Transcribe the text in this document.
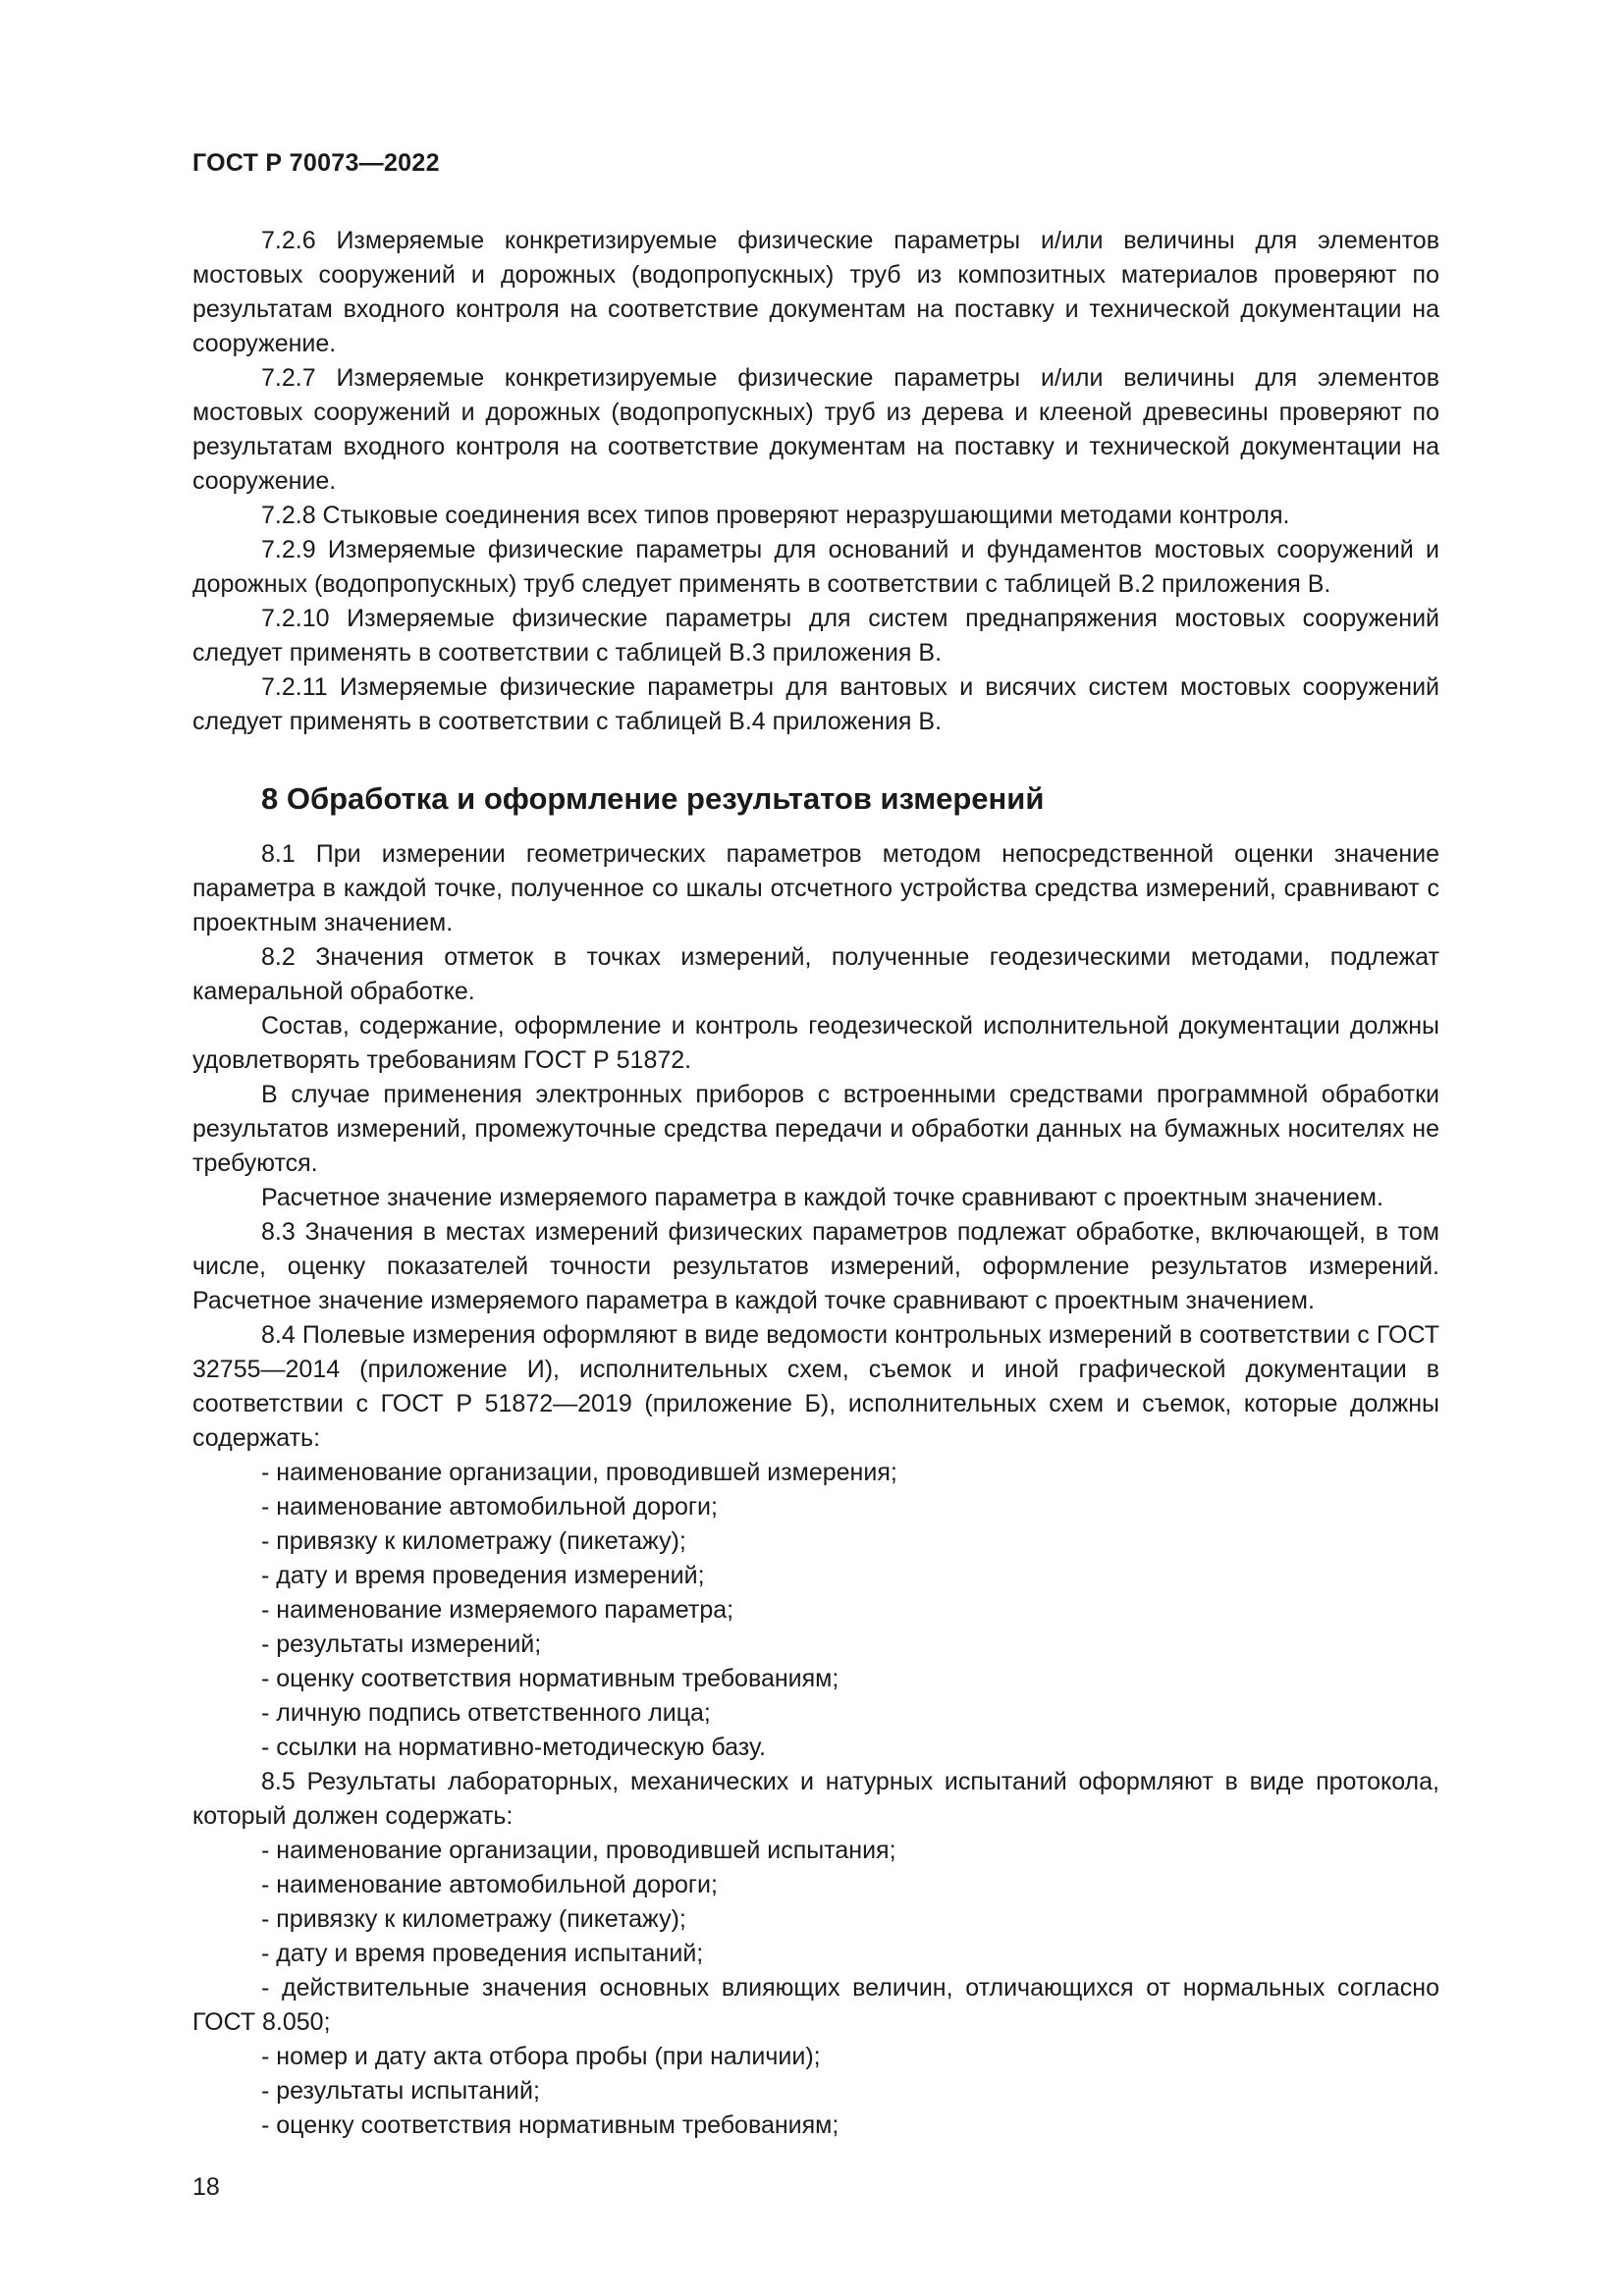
ГОСТ Р 70073—2022

7.2.6 Измеряемые конкретизируемые физические параметры и/или величины для элементов мостовых сооружений и дорожных (водопропускных) труб из композитных материалов проверяют по результатам входного контроля на соответствие документам на поставку и технической документации на сооружение.

7.2.7 Измеряемые конкретизируемые физические параметры и/или величины для элементов мостовых сооружений и дорожных (водопропускных) труб из дерева и клееной древесины проверяют по результатам входного контроля на соответствие документам на поставку и технической документации на сооружение.

7.2.8 Стыковые соединения всех типов проверяют неразрушающими методами контроля.

7.2.9 Измеряемые физические параметры для оснований и фундаментов мостовых сооружений и дорожных (водопропускных) труб следует применять в соответствии с таблицей В.2 приложения В.

7.2.10 Измеряемые физические параметры для систем преднапряжения мостовых сооружений следует применять в соответствии с таблицей В.3 приложения В.

7.2.11 Измеряемые физические параметры для вантовых и висячих систем мостовых сооружений следует применять в соответствии с таблицей В.4 приложения В.

8 Обработка и оформление результатов измерений

8.1 При измерении геометрических параметров методом непосредственной оценки значение параметра в каждой точке, полученное со шкалы отсчетного устройства средства измерений, сравнивают с проектным значением.

8.2 Значения отметок в точках измерений, полученные геодезическими методами, подлежат камеральной обработке.

Состав, содержание, оформление и контроль геодезической исполнительной документации должны удовлетворять требованиям ГОСТ Р 51872.

В случае применения электронных приборов с встроенными средствами программной обработки результатов измерений, промежуточные средства передачи и обработки данных на бумажных носителях не требуются.

Расчетное значение измеряемого параметра в каждой точке сравнивают с проектным значением.

8.3 Значения в местах измерений физических параметров подлежат обработке, включающей, в том числе, оценку показателей точности результатов измерений, оформление результатов измерений. Расчетное значение измеряемого параметра в каждой точке сравнивают с проектным значением.

8.4 Полевые измерения оформляют в виде ведомости контрольных измерений в соответствии с ГОСТ 32755—2014 (приложение И), исполнительных схем, съемок и иной графической документации в соответствии с ГОСТ Р 51872—2019 (приложение Б), исполнительных схем и съемок, которые должны содержать:

- наименование организации, проводившей измерения;

- наименование автомобильной дороги;

- привязку к километражу (пикетажу);

- дату и время проведения измерений;

- наименование измеряемого параметра;

- результаты измерений;

- оценку соответствия нормативным требованиям;

- личную подпись ответственного лица;

- ссылки на нормативно-методическую базу.

8.5 Результаты лабораторных, механических и натурных испытаний оформляют в виде протокола, который должен содержать:

- наименование организации, проводившей испытания;

- наименование автомобильной дороги;

- привязку к километражу (пикетажу);

- дату и время проведения испытаний;

- действительные значения основных влияющих величин, отличающихся от нормальных согласно ГОСТ 8.050;

- номер и дату акта отбора пробы (при наличии);

- результаты испытаний;

- оценку соответствия нормативным требованиям;

18
